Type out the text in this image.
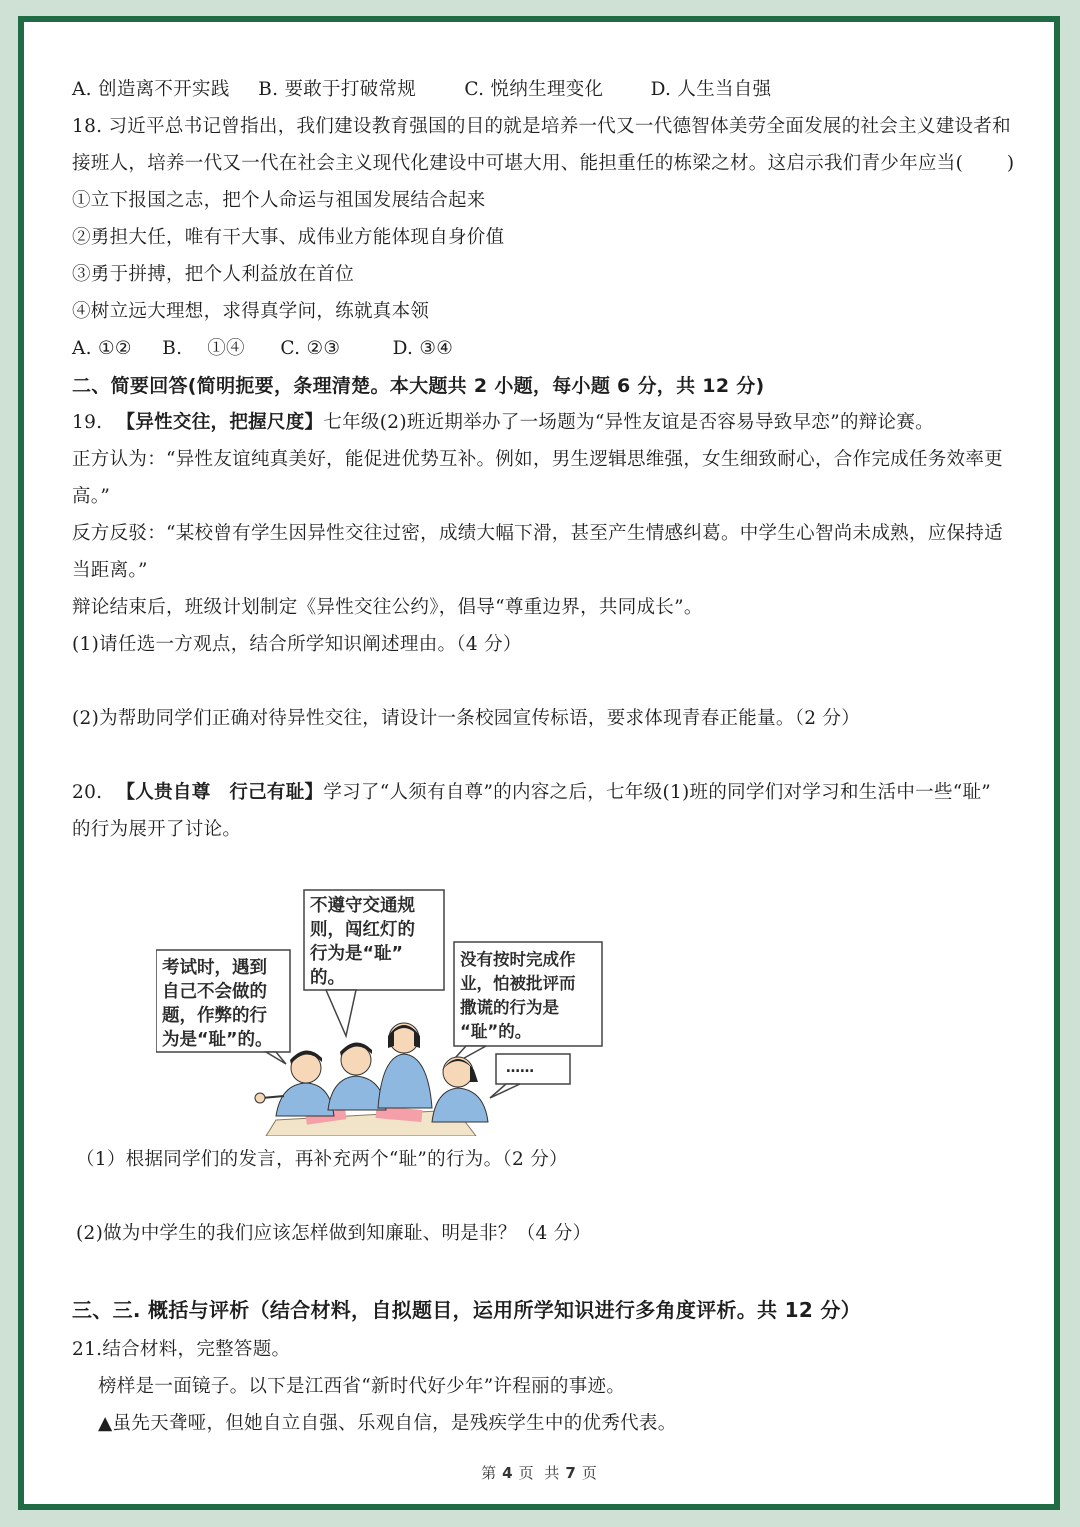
A. 创造离不开实践 B. 要敢于打破常规	C. 悦纳生理变化	D. 人生当自强
18. 习近平总书记曾指出，我们建设教育强国的目的就是培养一代又一代德智体美劳全面发展的社会主义建设者和
接班人，培养一代又一代在社会主义现代化建设中可堪大用、能担重任的栋梁之材。这启示我们青少年应当(　　 )
①立下报国之志，把个人命运与祖国发展结合起来
②勇担大任，唯有干大事、成伟业方能体现自身价值
③勇于拼搏，把个人利益放在首位
④树立远大理想，求得真学问，练就真本领
A. ①② B.　 ①④ C. ②③	D. ③④
二、简要回答(简明扼要，条理清楚。本大题共 2 小题，每小题 6 分，共 12 分)
19. 【异性交往，把握尺度】七年级(2)班近期举办了一场题为“异性友谊是否容易导致早恋”的辩论赛。
正方认为：“异性友谊纯真美好，能促进优势互补。例如，男生逻辑思维强，女生细致耐心，合作完成任务效率更
高。”
反方反驳：“某校曾有学生因异性交往过密，成绩大幅下滑，甚至产生情感纠葛。中学生心智尚未成熟，应保持适
当距离。”
辩论结束后，班级计划制定《异性交往公约》，倡导“尊重边界，共同成长”。
(1)请任选一方观点，结合所学知识阐述理由。（4 分）
(2)为帮助同学们正确对待异性交往，请设计一条校园宣传标语，要求体现青春正能量。（2 分）
20. 【人贵自尊　行己有耻】学习了“人须有自尊”的内容之后，七年级(1)班的同学们对学习和生活中一些“耻”
的行为展开了讨论。
考试时，遇到
自己不会做的
题，作弊的行
为是“耻”的。
不遵守交通规
则，闯红灯的
行为是“耻”
的。
没有按时完成作
业，怕被批评而
撒谎的行为是
“耻”的。
……
（1）根据同学们的发言，再补充两个“耻”的行为。（2 分）
(2)做为中学生的我们应该怎样做到知廉耻、明是非？（4 分）
三、三. 概括与评析（结合材料，自拟题目，运用所学知识进行多角度评析。共 12 分）
21.结合材料，完整答题。
榜样是一面镜子。以下是江西省“新时代好少年”许程丽的事迹。
▲虽先天聋哑，但她自立自强、乐观自信，是残疾学生中的优秀代表。
第 4 页 共 7 页
